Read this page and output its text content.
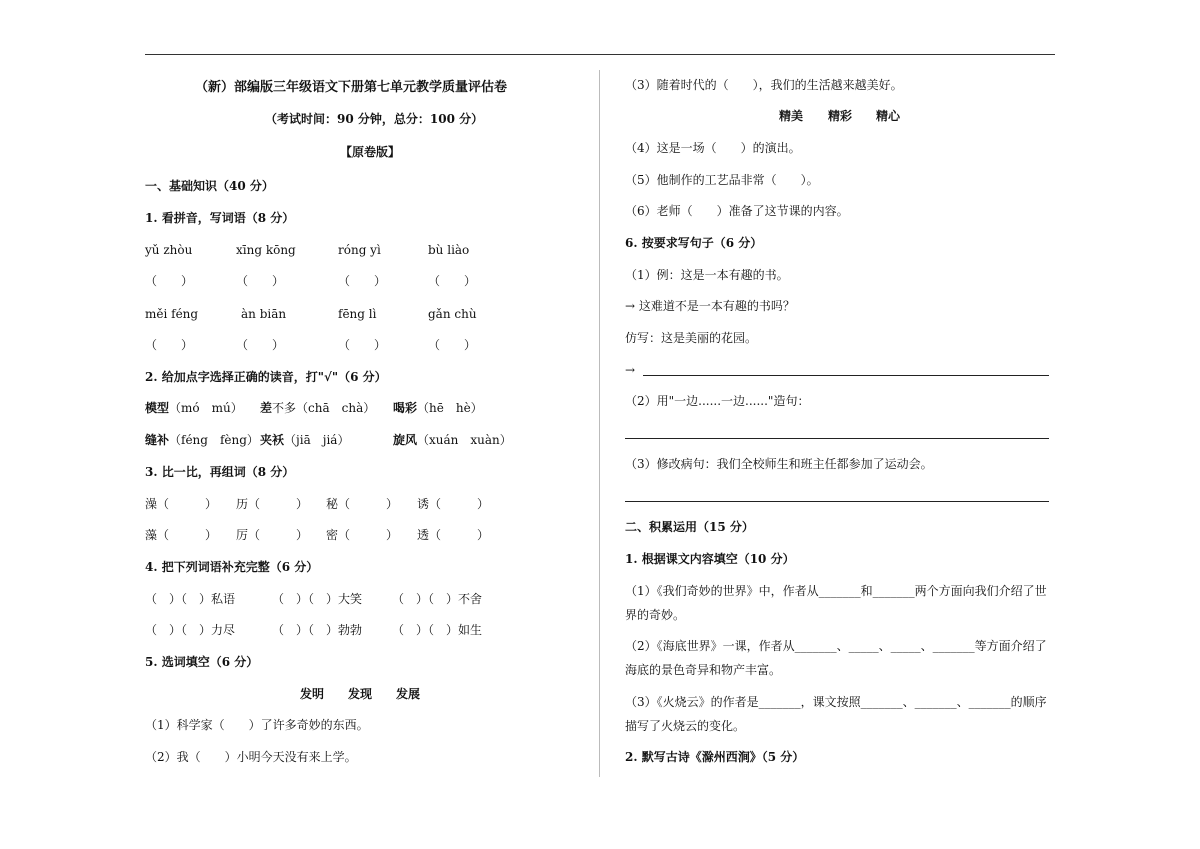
（新）部编版三年级语文下册第七单元教学质量评估卷
（考试时间：90 分钟，总分：100 分）
【原卷版】
一、基础知识（40 分）
1. 看拼音，写词语（8 分）
yǔ zhòu	xīng kōng	róng yì	bù liào
（　　）	（　　）	（　　）	（　　）
měi féng	àn biān	fēng lì	gǎn chù
（　　）	（　　）	（　　）	（　　）
2. 给加点字选择正确的读音，打"√"（6 分）
模型（mó　mú） 差不多（chā　chà） 喝彩（hē　hè）
缝补（féng　fèng） 夹袄（jiā　jiá）	旋风（xuán　xuàn）
3. 比一比，再组词（8 分）
澡（　　　） 历（　　　） 秘（　　　） 诱（　　　）
藻（　　　） 厉（　　　） 密（　　　） 透（　　　）
4. 把下列词语补充完整（6 分）
（　）（　）私语	（　）（　）大笑 （　）（　）不舍
（　）（　）力尽	（　）（　）勃勃 （　）（　）如生
5. 选词填空（6 分）
发明 发现 发展
（1）科学家（　　）了许多奇妙的东西。
（2）我（　　）小明今天没有来上学。
（3）随着时代的（　　），我们的生活越来越美好。
精美 精彩 精心
（4）这是一场（　　）的演出。
（5）他制作的工艺品非常（　　）。
（6）老师（　　）准备了这节课的内容。
6. 按要求写句子（6 分）
（1）例：这是一本有趣的书。
→ 这难道不是一本有趣的书吗？
仿写：这是美丽的花园。
→
（2）用"一边......一边......"造句：
（3）修改病句：我们全校师生和班主任都参加了运动会。
二、积累运用（15 分）
1. 根据课文内容填空（10 分）
（1）《我们奇妙的世界》中，作者从_______和_______两个方面向我们介绍了世
界的奇妙。
（2）《海底世界》一课，作者从_______、_____、_____、_______等方面介绍了
海底的景色奇异和物产丰富。
（3）《火烧云》的作者是_______，课文按照_______、_______、_______的顺序
描写了火烧云的变化。
2. 默写古诗《滁州西涧》（5 分）
